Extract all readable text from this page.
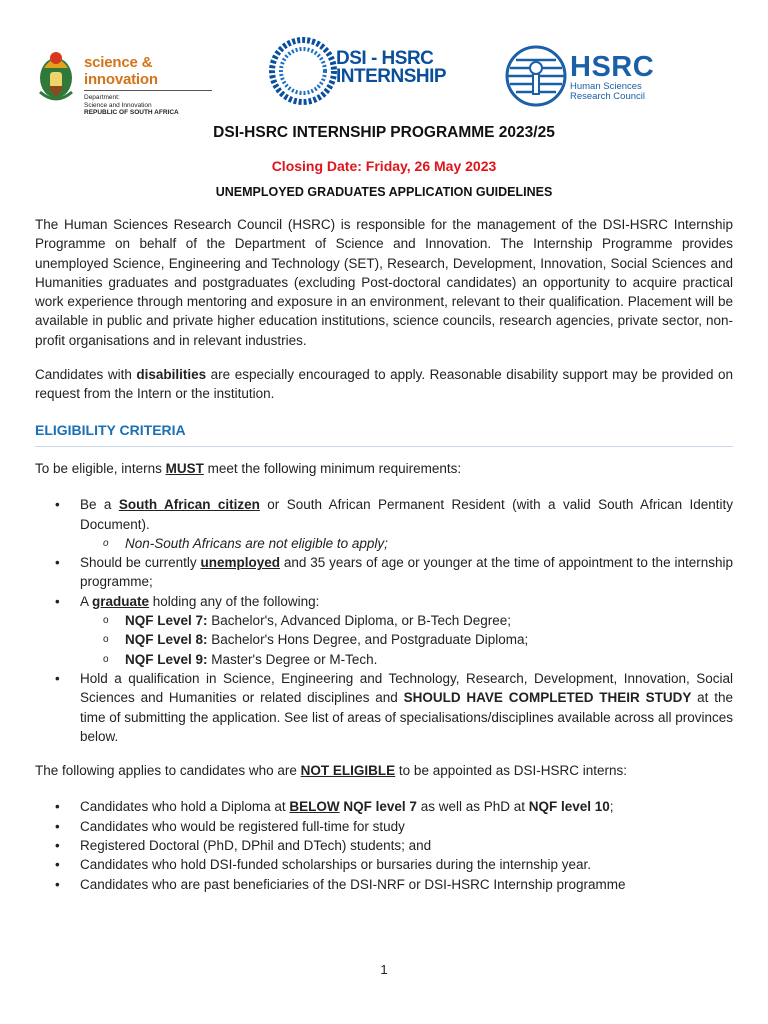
science & innovation
Department:
Science and Innovation
REPUBLIC OF SOUTH AFRICA
DSI - HSRC
INTERNSHIP	HSRC
Human Sciences
Research Council
DSI-HSRC INTERNSHIP PROGRAMME 2023/25
Closing Date: Friday, 26 May 2023
UNEMPLOYED GRADUATES APPLICATION GUIDELINES

The Human Sciences Research Council (HSRC) is responsible for the management of the DSI-HSRC Internship Programme on behalf of the Department of Science and Innovation. The Internship Programme provides unemployed Science, Engineering and Technology (SET), Research, Development, Innovation, Social Sciences and Humanities graduates and postgraduates (excluding Post-doctoral candidates) an opportunity to acquire practical work experience through mentoring and exposure in an environment, relevant to their qualification. Placement will be available in public and private higher education institutions, science councils, research agencies, private sector, non-profit organisations and in relevant industries.

Candidates with disabilities are especially encouraged to apply. Reasonable disability support may be provided on request from the Intern or the institution.

ELIGIBILITY CRITERIA

To be eligible, interns MUST meet the following minimum requirements:

• Be a South African citizen or South African Permanent Resident (with a valid South African Identity Document).
o Non-South Africans are not eligible to apply;
• Should be currently unemployed and 35 years of age or younger at the time of appointment to the internship programme;
• A graduate holding any of the following:
o NQF Level 7: Bachelor's, Advanced Diploma, or B-Tech Degree;
o NQF Level 8: Bachelor's Hons Degree, and Postgraduate Diploma;
o NQF Level 9: Master's Degree or M-Tech.
• Hold a qualification in Science, Engineering and Technology, Research, Development, Innovation, Social Sciences and Humanities or related disciplines and SHOULD HAVE COMPLETED THEIR STUDY at the time of submitting the application. See list of areas of specialisations/disciplines available across all provinces below.

The following applies to candidates who are NOT ELIGIBLE to be appointed as DSI-HSRC interns:

• Candidates who hold a Diploma at BELOW NQF level 7 as well as PhD at NQF level 10;
• Candidates who would be registered full-time for study
• Registered Doctoral (PhD, DPhil and DTech) students; and
• Candidates who hold DSI-funded scholarships or bursaries during the internship year.
• Candidates who are past beneficiaries of the DSI-NRF or DSI-HSRC Internship programme
1
